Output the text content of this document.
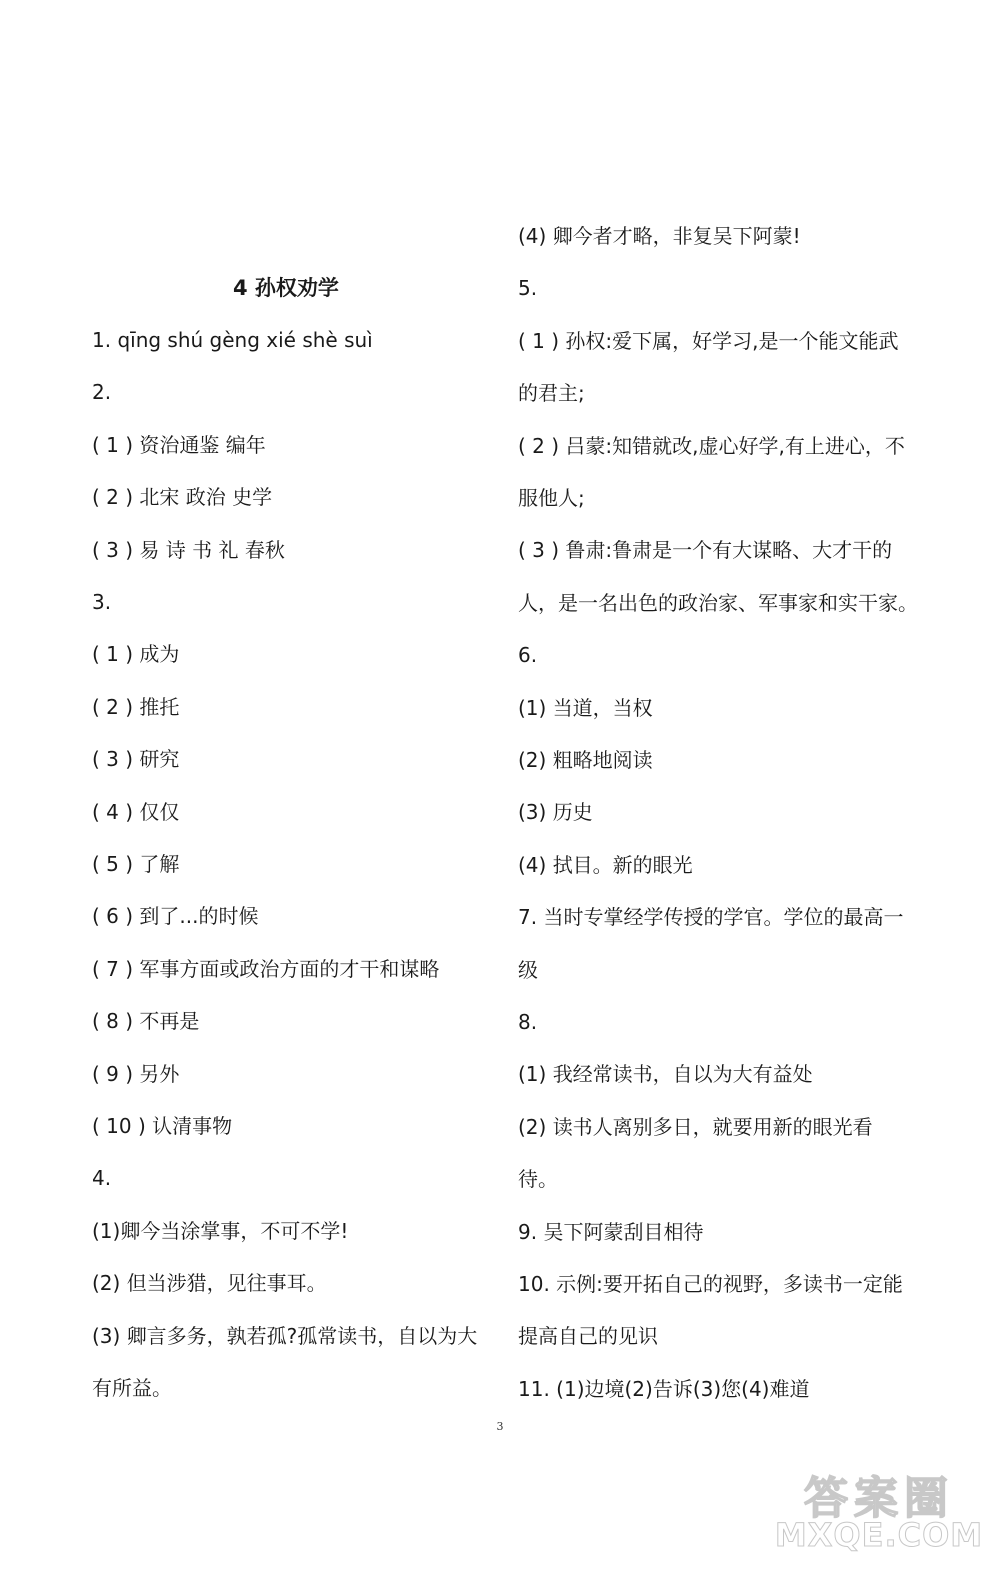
4 孙权劝学
1. qīng shú gèng xié shè suì
2.
( 1 ) 资治通鉴 编年
( 2 ) 北宋 政治 史学
( 3 ) 易 诗 书 礼 春秋
3.
( 1 ) 成为
( 2 ) 推托
( 3 ) 研究
( 4 ) 仅仅
( 5 ) 了解
( 6 ) 到了...的时候
( 7 ) 军事方面或政治方面的才干和谋略
( 8 ) 不再是
( 9 ) 另外
( 10 ) 认清事物
4.
(1)卿今当涂掌事，不可不学!
(2) 但当涉猎，见往事耳。
(3) 卿言多务，孰若孤?孤常读书，自以为大
有所益。
(4) 卿今者才略，非复吴下阿蒙!
5.
( 1 ) 孙权:爱下属，好学习,是一个能文能武
的君主;
( 2 ) 吕蒙:知错就改,虚心好学,有上进心，不
服他人;
( 3 ) 鲁肃:鲁肃是一个有大谋略、大才干的
人，是一名出色的政治家、军事家和实干家。
6.
(1) 当道，当权
(2) 粗略地阅读
(3) 历史
(4) 拭目。新的眼光
7. 当时专掌经学传授的学官。学位的最高一
级
8.
(1) 我经常读书，自以为大有益处
(2) 读书人离别多日，就要用新的眼光看
待。
9. 吴下阿蒙刮目相待
10. 示例:要开拓自己的视野，多读书一定能
提高自己的见识
11. (1)边境(2)告诉(3)您(4)难道
3
答案圈
MXQE.COM
